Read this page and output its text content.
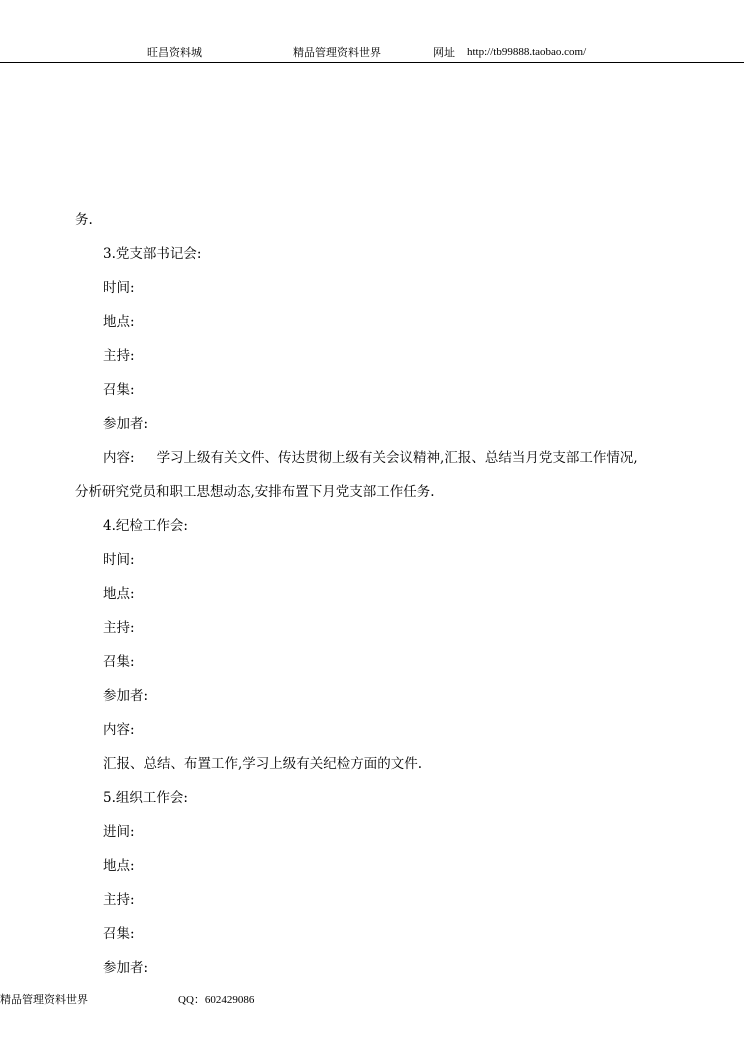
旺昌资料城	精品管理资料世界	网址 http://tb99888.taobao.com/
务.
3.党支部书记会:
时间:
地点:
主持:
召集:
参加者:
内容: 学习上级有关文件、传达贯彻上级有关会议精神,汇报、总结当月党支部工作情况,
分析研究党员和职工思想动态,安排布置下月党支部工作任务.
4.纪检工作会:
时间:
地点:
主持:
召集:
参加者:
内容:
汇报、总结、布置工作,学习上级有关纪检方面的文件.
5.组织工作会:
进间:
地点:
主持:
召集:
参加者:
精品管理资料世界	QQ：602429086
